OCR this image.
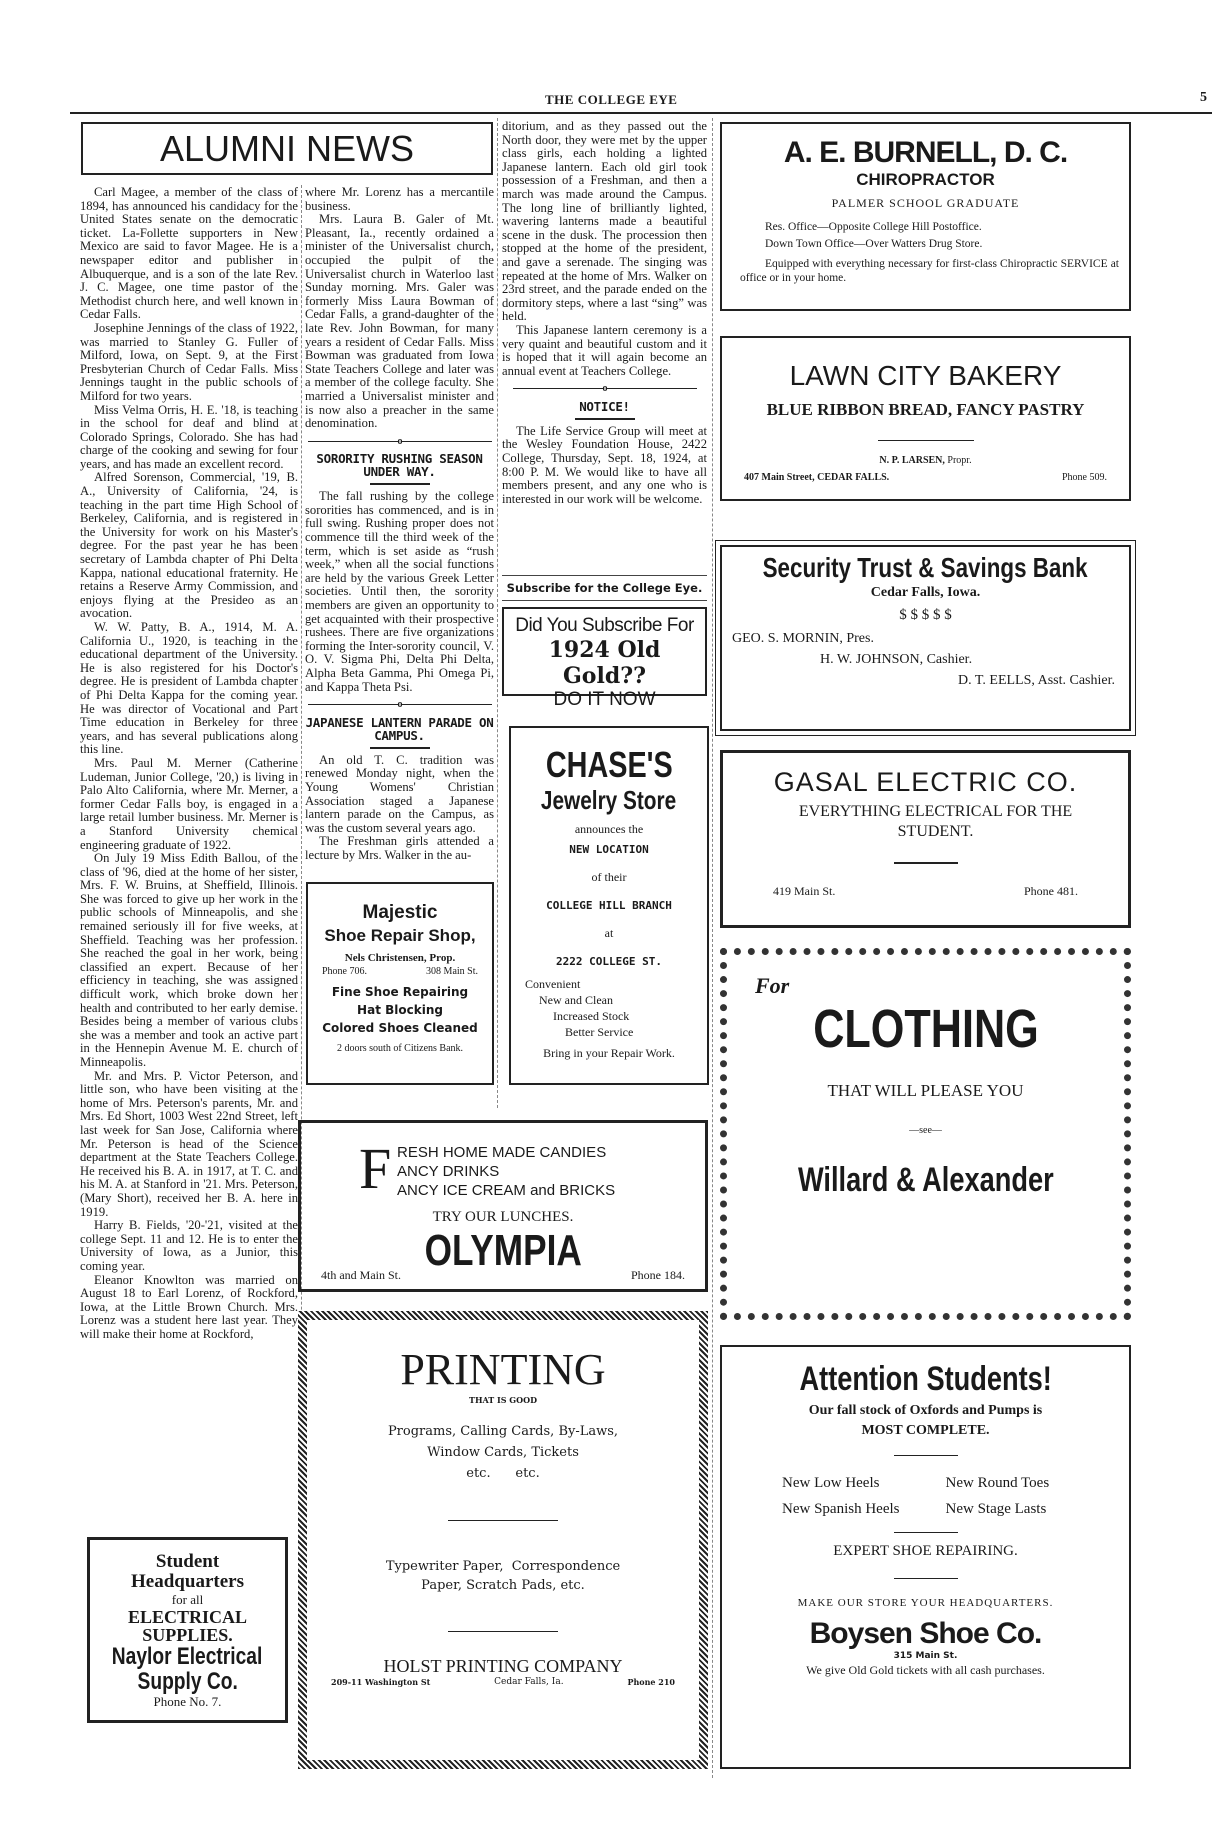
THE COLLEGE EYE	5
ALUMNI NEWS

Carl Magee, a member of the class of 1894, has announced his candidacy for the United States senate on the democratic ticket. La-Follette supporters in New Mexico are said to favor Magee. He is a newspaper editor and publisher in Albuquerque, and is a son of the late Rev. J. C. Magee, one time pastor of the Methodist church here, and well known in Cedar Falls.

Josephine Jennings of the class of 1922, was married to Stanley G. Fuller of Milford, Iowa, on Sept. 9, at the First Presbyterian Church of Cedar Falls. Miss Jennings taught in the public schools of Milford for two years.

Miss Velma Orris, H. E. '18, is teaching in the school for deaf and blind at Colorado Springs, Colorado. She has had charge of the cooking and sewing for four years, and has made an excellent record.

Alfred Sorenson, Commercial, '19, B. A., University of California, '24, is teaching in the part time High School of Berkeley, California, and is registered in the University for work on his Master's degree. For the past year he has been secretary of Lambda chapter of Phi Delta Kappa, national educational fraternity. He retains a Reserve Army Commission, and enjoys flying at the Presideo as an avocation.

W. W. Patty, B. A., 1914, M. A. California U., 1920, is teaching in the educational department of the University. He is also registered for his Doctor's degree. He is president of Lambda chapter of Phi Delta Kappa for the coming year. He was director of Vocational and Part Time education in Berkeley for three years, and has several publications along this line.

Mrs. Paul M. Merner (Catherine Ludeman, Junior College, '20,) is living in Palo Alto California, where Mr. Merner, a former Cedar Falls boy, is engaged in a large retail lumber business. Mr. Merner is a Stanford University chemical engineering graduate of 1922.

On July 19 Miss Edith Ballou, of the class of '96, died at the home of her sister, Mrs. F. W. Bruins, at Sheffield, Illinois. She was forced to give up her work in the public schools of Minneapolis, and she remained seriously ill for five weeks, at Sheffield. Teaching was her profession. She reached the goal in her work, being classified an expert. Because of her efficiency in teaching, she was assigned difficult work, which broke down her health and contributed to her early demise. Besides being a member of various clubs she was a member and took an active part in the Hennepin Avenue M. E. church of Minneapolis.

Mr. and Mrs. P. Victor Peterson, and little son, who have been visiting at the home of Mrs. Peterson's parents, Mr. and Mrs. Ed Short, 1003 West 22nd Street, left last week for San Jose, California where Mr. Peterson is head of the Science department at the State Teachers College. He received his B. A. in 1917, at T. C. and his M. A. at Stanford in '21. Mrs. Peterson, (Mary Short), received her B. A. here in 1919.

Harry B. Fields, '20-'21, visited at the college Sept. 11 and 12. He is to enter the University of Iowa, as a Junior, this coming year.

Eleanor Knowlton was married on August 18 to Earl Lorenz, of Rockford, Iowa, at the Little Brown Church. Mrs. Lorenz was a student here last year. They will make their home at Rockford,

Student
Headquarters
for all
ELECTRICAL
SUPPLIES.
Naylor Electrical
Supply Co.
Phone No. 7.

where Mr. Lorenz has a mercantile business.

Mrs. Laura B. Galer of Mt. Pleasant, Ia., recently ordained a minister of the Universalist church, occupied the pulpit of the Universalist church in Waterloo last Sunday morning. Mrs. Galer was formerly Miss Laura Bowman of Cedar Falls, a grand-daughter of the late Rev. John Bowman, for many years a resident of Cedar Falls. Miss Bowman was graduated from Iowa State Teachers College and later was a member of the college faculty. She married a Universalist minister and is now also a preacher in the same denomination.

o
SORORITY RUSHING SEASON UNDER WAY.

The fall rushing by the college sororities has commenced, and is in full swing. Rushing proper does not commence till the third week of the term, which is set aside as “rush week,” when all the social functions are held by the various Greek Letter societies. Until then, the sorority members are given an opportunity to get acquainted with their prospective rushees. There are five organizations forming the Inter-sorority council, V. O. V. Sigma Phi, Delta Phi Delta, Alpha Beta Gamma, Phi Omega Pi, and Kappa Theta Psi.

o
JAPANESE LANTERN PARADE ON CAMPUS.

An old T. C. tradition was renewed Monday night, when the Young Womens' Christian Association staged a Japanese lantern parade on the Campus, as was the custom several years ago.

The Freshman girls attended a lecture by Mrs. Walker in the au-

Majestic
Shoe Repair Shop,
Nels Christensen, Prop.
Phone 706.	308 Main St.
Fine Shoe Repairing
Hat Blocking
Colored Shoes Cleaned
2 doors south of Citizens Bank.

ditorium, and as they passed out the North door, they were met by the upper class girls, each holding a lighted Japanese lantern. Each old girl took possession of a Freshman, and then a march was made around the Campus. The long line of brilliantly lighted, wavering lanterns made a beautiful scene in the dusk. The procession then stopped at the home of the president, and gave a serenade. The singing was repeated at the home of Mrs. Walker on 23rd street, and the parade ended on the dormitory steps, where a last “sing” was held.

This Japanese lantern ceremony is a very quaint and beautiful custom and it is hoped that it will again become an annual event at Teachers College.

o
NOTICE!

The Life Service Group will meet at the Wesley Foundation House, 2422 College, Thursday, Sept. 18, 1924, at 8:00 P. M. We would like to have all members present, and any one who is interested in our work will be welcome.

Subscribe for the College Eye.
Did You Subscribe For
1924 Old Gold??
DO IT NOW
CHASE'S
Jewelry Store
announces the
NEW LOCATION
of their
COLLEGE HILL BRANCH
at
2222 COLLEGE ST.
Convenient
New and Clean
Increased Stock
Better Service
Bring in your Repair Work.
F RESH HOME MADE CANDIES
ANCY DRINKS
ANCY ICE CREAM and BRICKS
TRY OUR LUNCHES.
OLYMPIA
4th and Main St.	Phone 184.
PRINTING
THAT IS GOOD
Programs, Calling Cards, By-Laws,
Window Cards, Tickets
etc.      etc.
Typewriter Paper,  Correspondence
Paper, Scratch Pads, etc.
HOLST PRINTING COMPANY
209-11 Washington St	Cedar Falls, Ia.	Phone 210
A. E. BURNELL, D. C.
CHIROPRACTOR
PALMER SCHOOL GRADUATE
Res. Office—Opposite College Hill Postoffice.
Down Town Office—Over Watters Drug Store.
Equipped with everything necessary for first-class Chiropractic SERVICE at office or in your home.
LAWN CITY BAKERY
BLUE RIBBON BREAD, FANCY PASTRY
N. P. LARSEN, Propr.
407 Main Street, CEDAR FALLS.	Phone 509.
Security Trust & Savings Bank
Cedar Falls, Iowa.
$ $ $ $ $
GEO. S. MORNIN, Pres.
H. W. JOHNSON, Cashier.
D. T. EELLS, Asst. Cashier.
GASAL ELECTRIC CO.
EVERYTHING ELECTRICAL FOR THE STUDENT.
419 Main St.	Phone 481.
For
CLOTHING
THAT WILL PLEASE YOU
—see—
Willard & Alexander
Attention Students!
Our fall stock of Oxfords and Pumps is
MOST COMPLETE.
New Low Heels	New Round Toes
New Spanish Heels	New Stage Lasts
EXPERT SHOE REPAIRING.
MAKE OUR STORE YOUR HEADQUARTERS.
Boysen Shoe Co.
315 Main St.
We give Old Gold tickets with all cash purchases.
